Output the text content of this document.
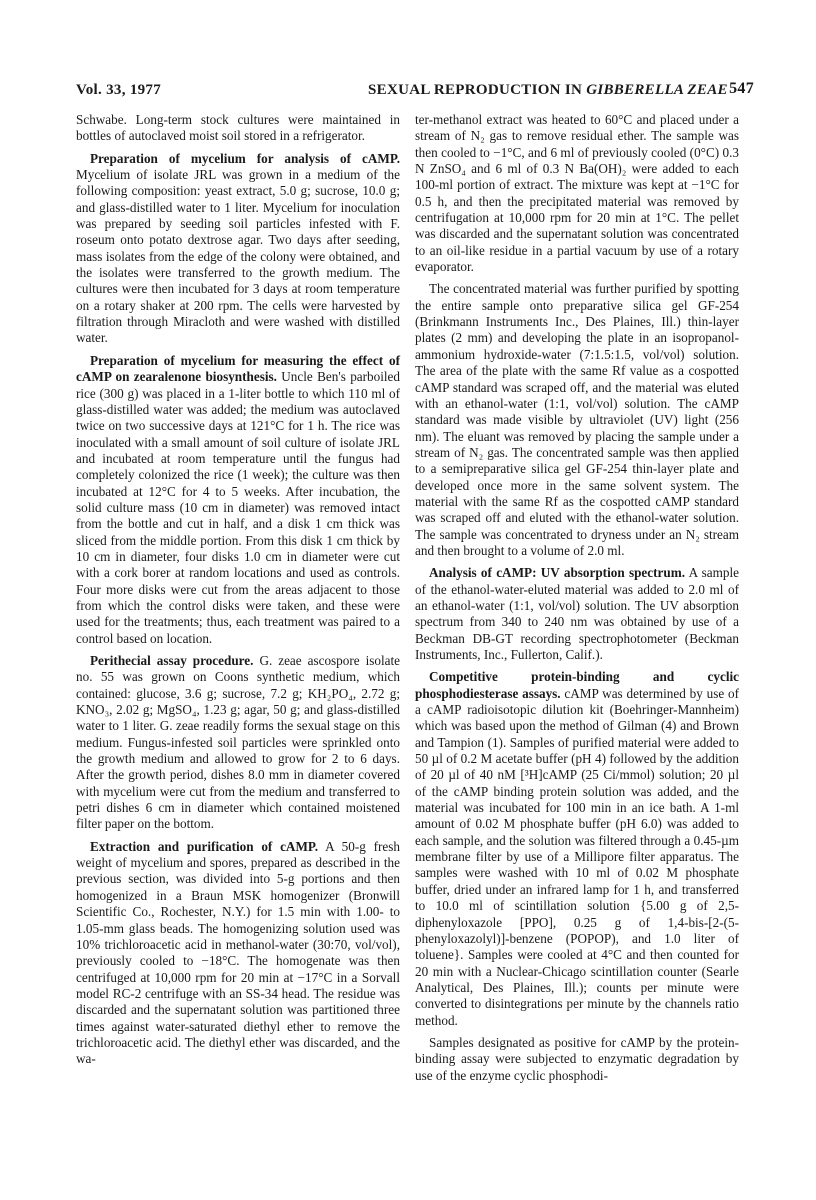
Vol. 33, 1977	SEXUAL REPRODUCTION IN GIBBERELLA ZEAE 547

Schwabe. Long-term stock cultures were maintained in bottles of autoclaved moist soil stored in a refrigerator.

Preparation of mycelium for analysis of cAMP. Mycelium of isolate JRL was grown in a medium of the following composition: yeast extract, 5.0 g; sucrose, 10.0 g; and glass-distilled water to 1 liter. Mycelium for inoculation was prepared by seeding soil particles infested with F. roseum onto potato dextrose agar. Two days after seeding, mass isolates from the edge of the colony were obtained, and the isolates were transferred to the growth medium. The cultures were then incubated for 3 days at room temperature on a rotary shaker at 200 rpm. The cells were harvested by filtration through Miracloth and were washed with distilled water.

Preparation of mycelium for measuring the effect of cAMP on zearalenone biosynthesis. Uncle Ben's parboiled rice (300 g) was placed in a 1-liter bottle to which 110 ml of glass-distilled water was added; the medium was autoclaved twice on two successive days at 121°C for 1 h. The rice was inoculated with a small amount of soil culture of isolate JRL and incubated at room temperature until the fungus had completely colonized the rice (1 week); the culture was then incubated at 12°C for 4 to 5 weeks. After incubation, the solid culture mass (10 cm in diameter) was removed intact from the bottle and cut in half, and a disk 1 cm thick was sliced from the middle portion. From this disk 1 cm thick by 10 cm in diameter, four disks 1.0 cm in diameter were cut with a cork borer at random locations and used as controls. Four more disks were cut from the areas adjacent to those from which the control disks were taken, and these were used for the treatments; thus, each treatment was paired to a control based on location.

Perithecial assay procedure. G. zeae ascospore isolate no. 55 was grown on Coons synthetic medium, which contained: glucose, 3.6 g; sucrose, 7.2 g; KH₂PO₄, 2.72 g; KNO₃, 2.02 g; MgSO₄, 1.23 g; agar, 50 g; and glass-distilled water to 1 liter. G. zeae readily forms the sexual stage on this medium. Fungus-infested soil particles were sprinkled onto the growth medium and allowed to grow for 2 to 6 days. After the growth period, dishes 8.0 mm in diameter covered with mycelium were cut from the medium and transferred to petri dishes 6 cm in diameter which contained moistened filter paper on the bottom.

Extraction and purification of cAMP. A 50-g fresh weight of mycelium and spores, prepared as described in the previous section, was divided into 5-g portions and then homogenized in a Braun MSK homogenizer (Bronwill Scientific Co., Rochester, N.Y.) for 1.5 min with 1.00- to 1.05-mm glass beads. The homogenizing solution used was 10% trichloroacetic acid in methanol-water (30:70, vol/vol), previously cooled to −18°C. The homogenate was then centrifuged at 10,000 rpm for 20 min at −17°C in a Sorvall model RC-2 centrifuge with an SS-34 head. The residue was discarded and the supernatant solution was partitioned three times against water-saturated diethyl ether to remove the trichloroacetic acid. The diethyl ether was discarded, and the wa-

ter-methanol extract was heated to 60°C and placed under a stream of N₂ gas to remove residual ether. The sample was then cooled to −1°C, and 6 ml of previously cooled (0°C) 0.3 N ZnSO₄ and 6 ml of 0.3 N Ba(OH)₂ were added to each 100-ml portion of extract. The mixture was kept at −1°C for 0.5 h, and then the precipitated material was removed by centrifugation at 10,000 rpm for 20 min at 1°C. The pellet was discarded and the supernatant solution was concentrated to an oil-like residue in a partial vacuum by use of a rotary evaporator.

The concentrated material was further purified by spotting the entire sample onto preparative silica gel GF-254 (Brinkmann Instruments Inc., Des Plaines, Ill.) thin-layer plates (2 mm) and developing the plate in an isopropanol-ammonium hydroxide-water (7:1.5:1.5, vol/vol) solution. The area of the plate with the same Rf value as a cospotted cAMP standard was scraped off, and the material was eluted with an ethanol-water (1:1, vol/vol) solution. The cAMP standard was made visible by ultraviolet (UV) light (256 nm). The eluant was removed by placing the sample under a stream of N₂ gas. The concentrated sample was then applied to a semipreparative silica gel GF-254 thin-layer plate and developed once more in the same solvent system. The material with the same Rf as the cospotted cAMP standard was scraped off and eluted with the ethanol-water solution. The sample was concentrated to dryness under an N₂ stream and then brought to a volume of 2.0 ml.

Analysis of cAMP: UV absorption spectrum. A sample of the ethanol-water-eluted material was added to 2.0 ml of an ethanol-water (1:1, vol/vol) solution. The UV absorption spectrum from 340 to 240 nm was obtained by use of a Beckman DB-GT recording spectrophotometer (Beckman Instruments, Inc., Fullerton, Calif.).

Competitive protein-binding and cyclic phosphodiesterase assays. cAMP was determined by use of a cAMP radioisotopic dilution kit (Boehringer-Mannheim) which was based upon the method of Gilman (4) and Brown and Tampion (1). Samples of purified material were added to 50 µl of 0.2 M acetate buffer (pH 4) followed by the addition of 20 µl of 40 nM [³H]cAMP (25 Ci/mmol) solution; 20 µl of the cAMP binding protein solution was added, and the material was incubated for 100 min in an ice bath. A 1-ml amount of 0.02 M phosphate buffer (pH 6.0) was added to each sample, and the solution was filtered through a 0.45-µm membrane filter by use of a Millipore filter apparatus. The samples were washed with 10 ml of 0.02 M phosphate buffer, dried under an infrared lamp for 1 h, and transferred to 10.0 ml of scintillation solution {5.00 g of 2,5-diphenyloxazole [PPO], 0.25 g of 1,4-bis-[2-(5-phenyloxazolyl)]-benzene (POPOP), and 1.0 liter of toluene}. Samples were cooled at 4°C and then counted for 20 min with a Nuclear-Chicago scintillation counter (Searle Analytical, Des Plaines, Ill.); counts per minute were converted to disintegrations per minute by the channels ratio method.

Samples designated as positive for cAMP by the protein-binding assay were subjected to enzymatic degradation by use of the enzyme cyclic phosphodi-
